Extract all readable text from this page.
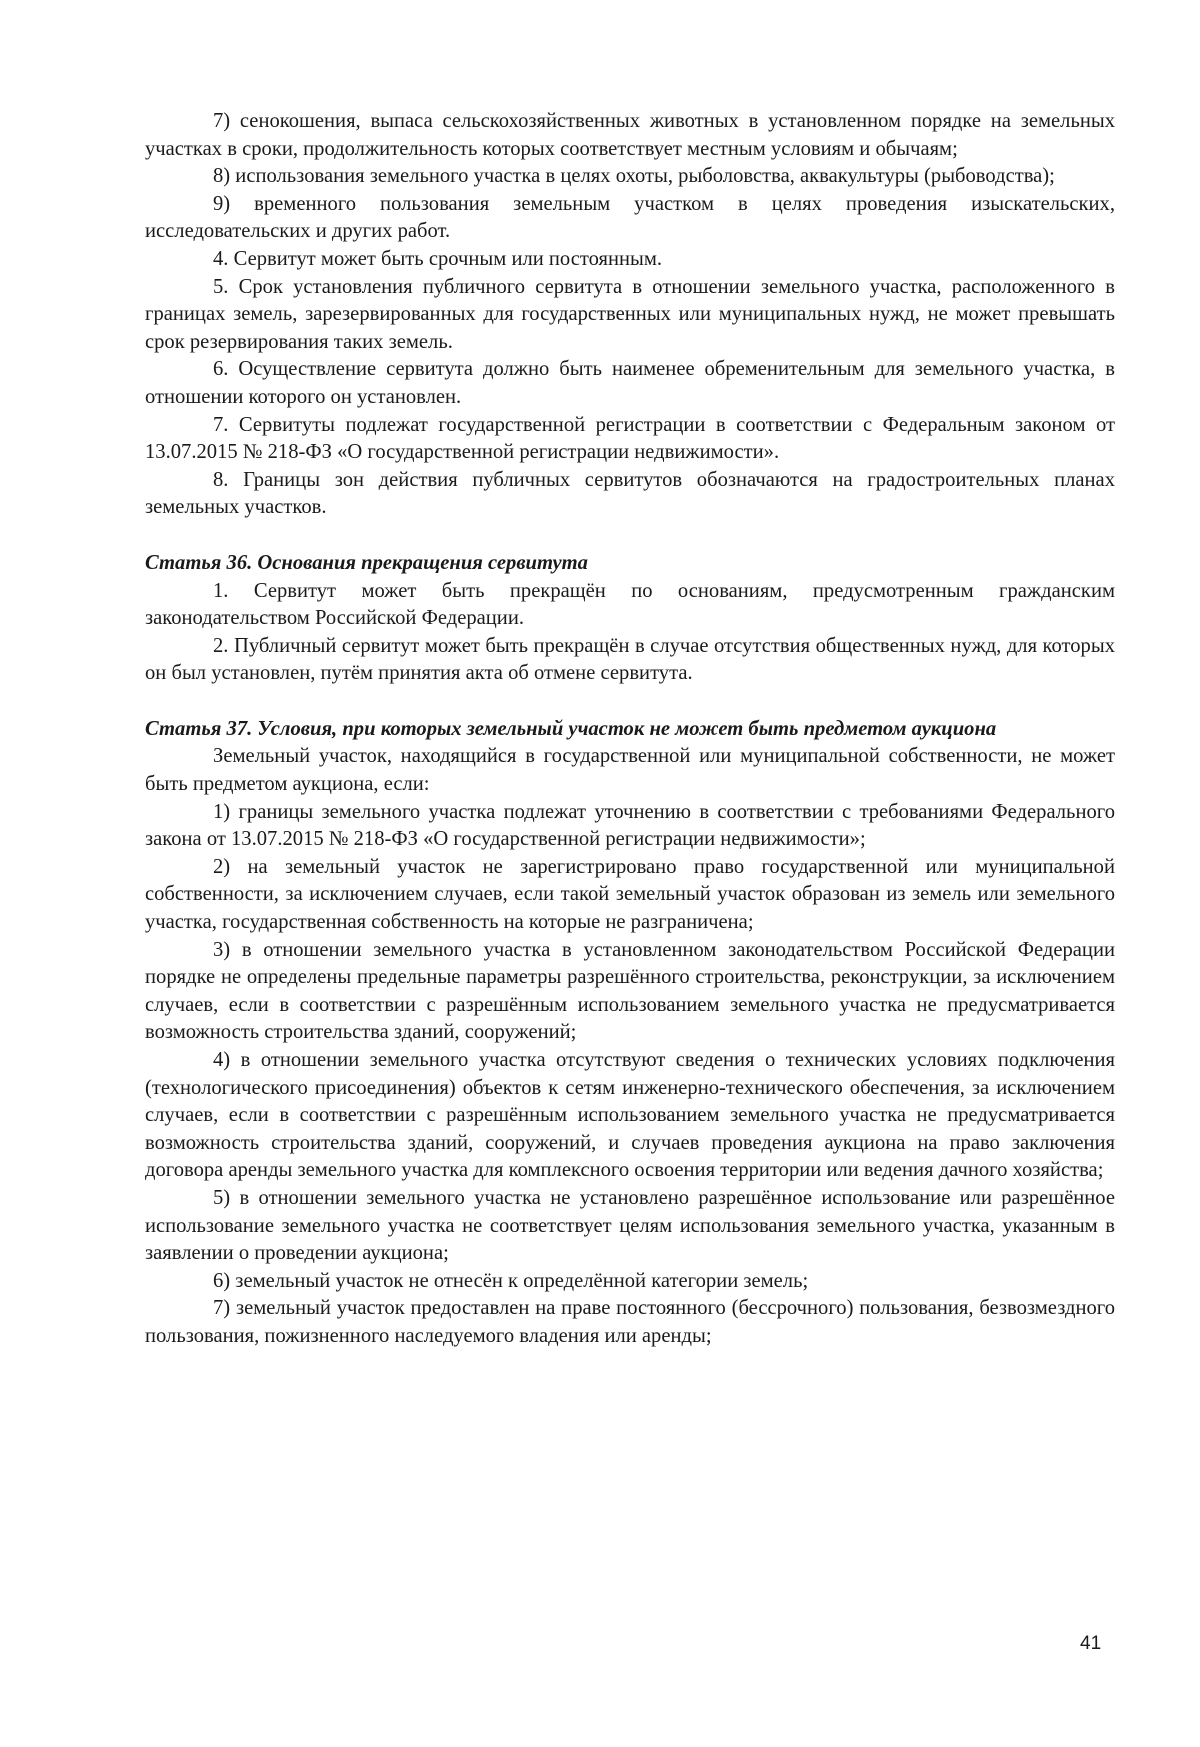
7) сенокошения, выпаса сельскохозяйственных животных в установленном порядке на земельных участках в сроки, продолжительность которых соответствует местным условиям и обычаям;

8) использования земельного участка в целях охоты, рыболовства, аквакультуры (рыбоводства);

9) временного пользования земельным участком в целях проведения изыскательских, исследовательских и других работ.

4. Сервитут может быть срочным или постоянным.

5. Срок установления публичного сервитута в отношении земельного участка, расположенного в границах земель, зарезервированных для государственных или муниципальных нужд, не может превышать срок резервирования таких земель.

6. Осуществление сервитута должно быть наименее обременительным для земельного участка, в отношении которого он установлен.

7. Сервитуты подлежат государственной регистрации в соответствии с Федеральным законом от 13.07.2015 № 218-ФЗ «О государственной регистрации недвижимости».

8. Границы зон действия публичных сервитутов обозначаются на градостроительных планах земельных участков.

Статья 36. Основания прекращения сервитута

1. Сервитут может быть прекращён по основаниям, предусмотренным гражданским законодательством Российской Федерации.

2. Публичный сервитут может быть прекращён в случае отсутствия общественных нужд, для которых он был установлен, путём принятия акта об отмене сервитута.

Статья 37. Условия, при которых земельный участок не может быть предметом аукциона

Земельный участок, находящийся в государственной или муниципальной собственности, не может быть предметом аукциона, если:

1) границы земельного участка подлежат уточнению в соответствии с требованиями Федерального закона от 13.07.2015 № 218-ФЗ «О государственной регистрации недвижимости»;

2) на земельный участок не зарегистрировано право государственной или муниципальной собственности, за исключением случаев, если такой земельный участок образован из земель или земельного участка, государственная собственность на которые не разграничена;

3) в отношении земельного участка в установленном законодательством Российской Федерации порядке не определены предельные параметры разрешённого строительства, реконструкции, за исключением случаев, если в соответствии с разрешённым использованием земельного участка не предусматривается возможность строительства зданий, сооружений;

4) в отношении земельного участка отсутствуют сведения о технических условиях подключения (технологического присоединения) объектов к сетям инженерно-технического обеспечения, за исключением случаев, если в соответствии с разрешённым использованием земельного участка не предусматривается возможность строительства зданий, сооружений, и случаев проведения аукциона на право заключения договора аренды земельного участка для комплексного освоения территории или ведения дачного хозяйства;

5) в отношении земельного участка не установлено разрешённое использование или разрешённое использование земельного участка не соответствует целям использования земельного участка, указанным в заявлении о проведении аукциона;

6) земельный участок не отнесён к определённой категории земель;

7) земельный участок предоставлен на праве постоянного (бессрочного) пользования, безвозмездного пользования, пожизненного наследуемого владения или аренды;

41
